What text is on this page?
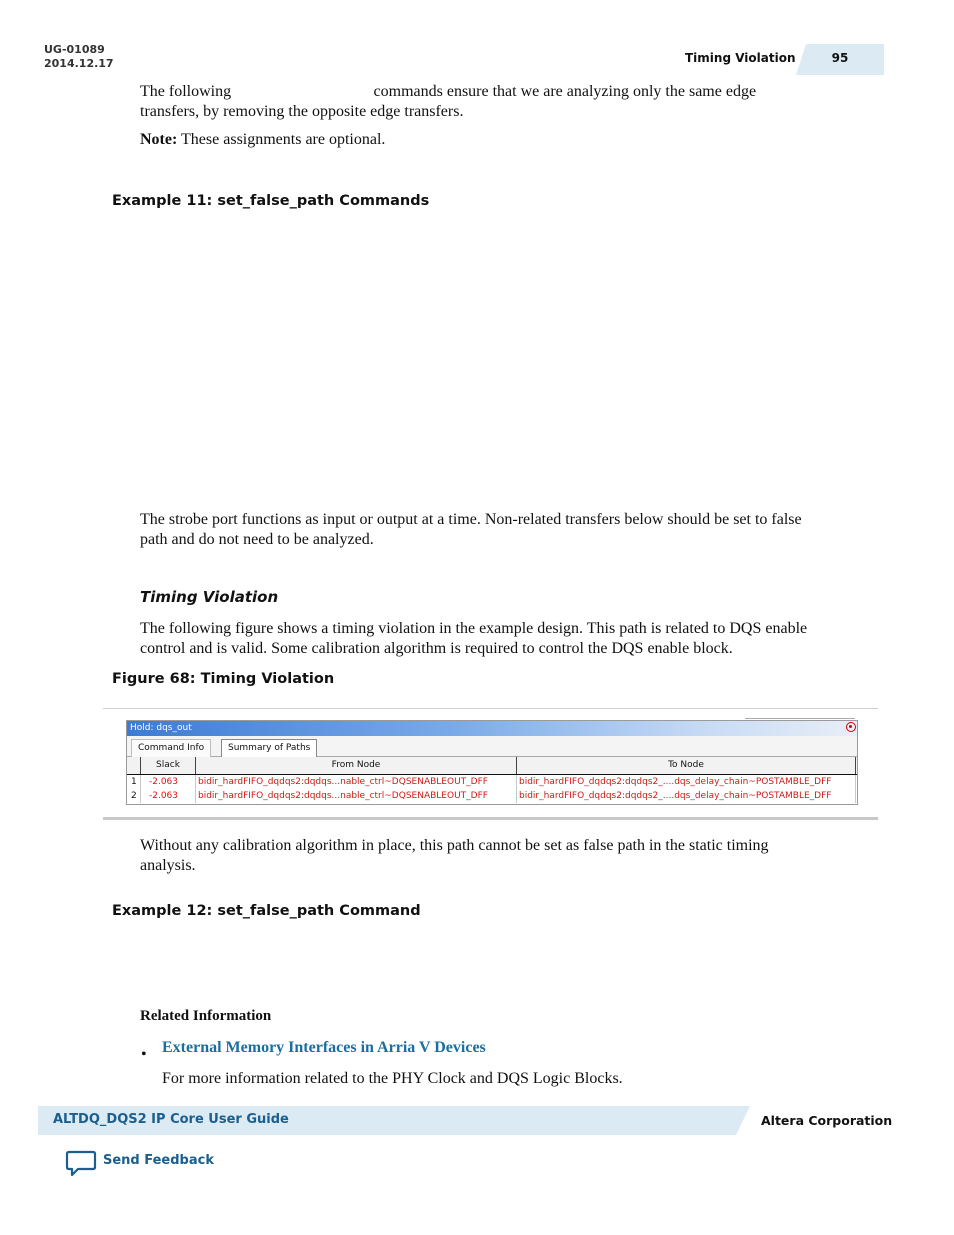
UG-01089
2014.12.17	Timing Violation	95
The following set_false_path commands ensure that we are analyzing only the same edge
transfers, by removing the opposite edge transfers.
Note: These assignments are optional.
Example 11: set_false_path Commands
The strobe port functions as input or output at a time. Non-related transfers below should be set to false
path and do not need to be analyzed.
Timing Violation
The following figure shows a timing violation in the example design. This path is related to DQS enable
control and is valid. Some calibration algorithm is required to control the DQS enable block.
Figure 68: Timing Violation
Hold: dqs_out
Command Info	Summary of Paths
Slack	From Node	To Node
1	-2.063	bidir_hardFIFO_dqdqs2:dqdqs...nable_ctrl~DQSENABLEOUT_DFF	bidir_hardFIFO_dqdqs2:dqdqs2_....dqs_delay_chain~POSTAMBLE_DFF
2	-2.063	bidir_hardFIFO_dqdqs2:dqdqs...nable_ctrl~DQSENABLEOUT_DFF	bidir_hardFIFO_dqdqs2:dqdqs2_....dqs_delay_chain~POSTAMBLE_DFF
Without any calibration algorithm in place, this path cannot be set as false path in the static timing
analysis.
Example 12: set_false_path Command
Related Information
• External Memory Interfaces in Arria V Devices
For more information related to the PHY Clock and DQS Logic Blocks.
ALTDQ_DQS2 IP Core User Guide	Altera Corporation
Send Feedback
